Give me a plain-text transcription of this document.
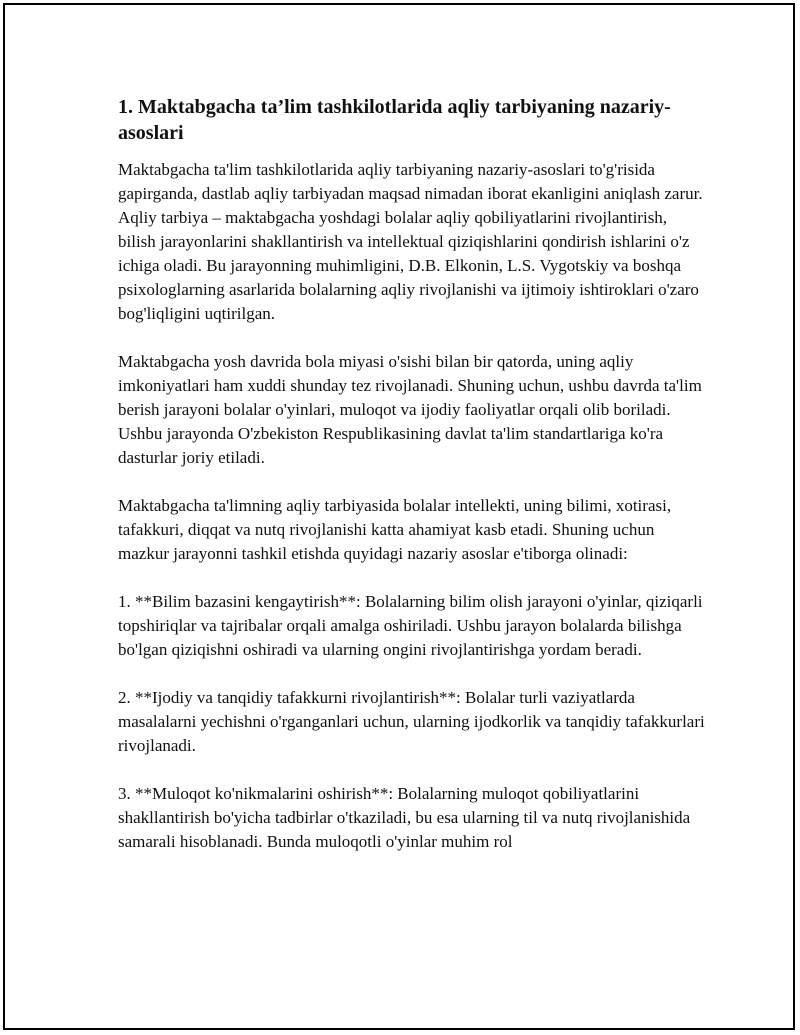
1. Maktabgacha ta’lim tashkilotlarida aqliy tarbiyaning nazariy-asoslari

Maktabgacha ta'lim tashkilotlarida aqliy tarbiyaning nazariy-asoslari to'g'risida gapirganda, dastlab aqliy tarbiyadan maqsad nimadan iborat ekanligini aniqlash zarur. Aqliy tarbiya – maktabgacha yoshdagi bolalar aqliy qobiliyatlarini rivojlantirish, bilish jarayonlarini shakllantirish va intellektual qiziqishlarini qondirish ishlarini o'z ichiga oladi. Bu jarayonning muhimligini, D.B. Elkonin, L.S. Vygotskiy va boshqa psixologlarning asarlarida bolalarning aqliy rivojlanishi va ijtimoiy ishtiroklari o'zaro bog'liqligini uqtirilgan.

Maktabgacha yosh davrida bola miyasi o'sishi bilan bir qatorda, uning aqliy imkoniyatlari ham xuddi shunday tez rivojlanadi. Shuning uchun, ushbu davrda ta'lim berish jarayoni bolalar o'yinlari, muloqot va ijodiy faoliyatlar orqali olib boriladi. Ushbu jarayonda O'zbekiston Respublikasining davlat ta'lim standartlariga ko'ra dasturlar joriy etiladi.

Maktabgacha ta'limning aqliy tarbiyasida bolalar intellekti, uning bilimi, xotirasi, tafakkuri, diqqat va nutq rivojlanishi katta ahamiyat kasb etadi. Shuning uchun mazkur jarayonni tashkil etishda quyidagi nazariy asoslar e'tiborga olinadi:

1. **Bilim bazasini kengaytirish**: Bolalarning bilim olish jarayoni o'yinlar, qiziqarli topshiriqlar va tajribalar orqali amalga oshiriladi. Ushbu jarayon bolalarda bilishga bo'lgan qiziqishni oshiradi va ularning ongini rivojlantirishga yordam beradi.

2. **Ijodiy va tanqidiy tafakkurni rivojlantirish**: Bolalar turli vaziyatlarda masalalarni yechishni o'rganganlari uchun, ularning ijodkorlik va tanqidiy tafakkurlari rivojlanadi.

3. **Muloqot ko'nikmalarini oshirish**: Bolalarning muloqot qobiliyatlarini shakllantirish bo'yicha tadbirlar o'tkaziladi, bu esa ularning til va nutq rivojlanishida samarali hisoblanadi. Bunda muloqotli o'yinlar muhim rol
